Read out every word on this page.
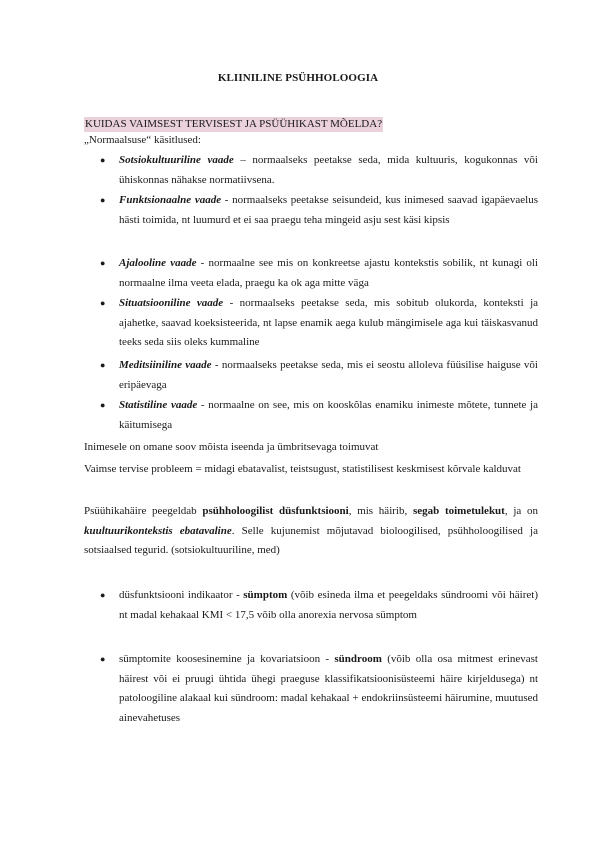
KLIINILINE PSÜHHOLOOGIA
KUIDAS VAIMSEST TERVISEST JA PSÜÜHIKAST MÕELDA?
„Normaalsuse“ käsitlused:
● Sotsiokultuuriline vaade – normaalseks peetakse seda, mida kultuuris, kogukonnas või ühiskonnas nähakse normatiivsena.
● Funktsionaalne vaade - normaalseks peetakse seisundeid, kus inimesed saavad igapäevaelus hästi toimida, nt luumurd et ei saa praegu teha mingeid asju sest käsi kipsis
● Ajalooline vaade - normaalne see mis on konkreetse ajastu kontekstis sobilik, nt kunagi oli normaalne ilma veeta elada, praegu ka ok aga mitte väga
● Situatsiooniline vaade - normaalseks peetakse seda, mis sobitub olukorda, konteksti ja ajahetke, saavad koeksisteerida, nt lapse enamik aega kulub mängimisele aga kui täiskasvanud teeks seda siis oleks kummaline
● Meditsiiniline vaade - normaalseks peetakse seda, mis ei seostu alloleva füüsilise haiguse või eripäevaga
● Statistiline vaade - normaalne on see, mis on kooskõlas enamiku inimeste mõtete, tunnete ja käitumisega
Inimesele on omane soov mõista iseenda ja ümbritsevaga toimuvat
Vaimse tervise probleem = midagi ebatavalist, teistsugust, statistilisest keskmisest kõrvale kalduvat
Psüühikahäire peegeldab psühholoogilist düsfunktsiooni, mis häirib, segab toimetulekut, ja on kuultuurikontekstis ebatavaline. Selle kujunemist mõjutavad bioloogilised, psühholoogilised ja sotsiaalsed tegurid. (sotsiokultuuriline, med)
● düsfunktsiooni indikaator - sümptom (võib esineda ilma et peegeldaks sündroomi või häiret) nt madal kehakaal KMI < 17,5 võib olla anorexia nervosa sümptom
● sümptomite koosesinemine ja kovariatsioon - sündroom (võib olla osa mitmest erinevast häirest või ei pruugi ühtida ühegi praeguse klassifikatsioonisüsteemi häire kirjeldusega) nt patoloogiline alakaal kui sündroom: madal kehakaal + endokriinsüsteemi häirumine, muutused ainevahetuses
